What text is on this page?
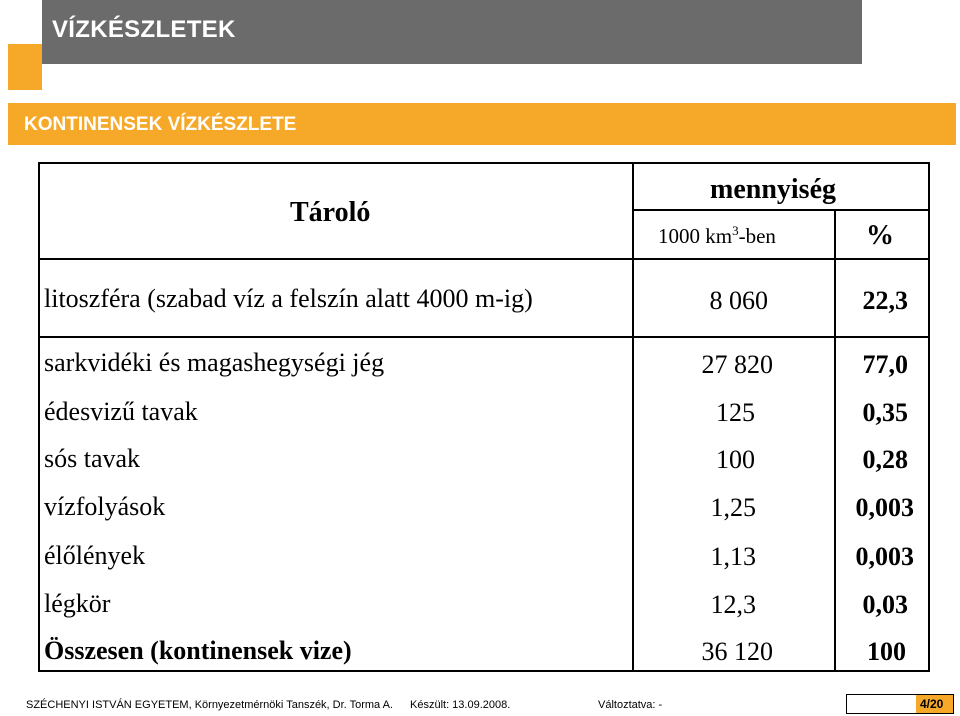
VÍZKÉSZLETEK
KONTINENSEK VÍZKÉSZLETE
Tároló
mennyiség
1000 $km^3$-ben	%
litoszféra (szabad víz a felszín alatt 4000 m-ig)	8 060	22,3
sarkvidéki és magashegységi jég	27 820	77,0
édesvizű tavak	125	0,35
sós tavak	100	0,28
vízfolyások	1,25	0,003
élőlények	1,13	0,003
légkör	12,3	0,03
Összesen (kontinensek vize)	36 120	100
SZÉCHENYI ISTVÁN EGYETEM, Környezetmérnöki Tanszék, Dr. Torma A. Készült: 13.09.2008.	Változtatva: -	4/20
